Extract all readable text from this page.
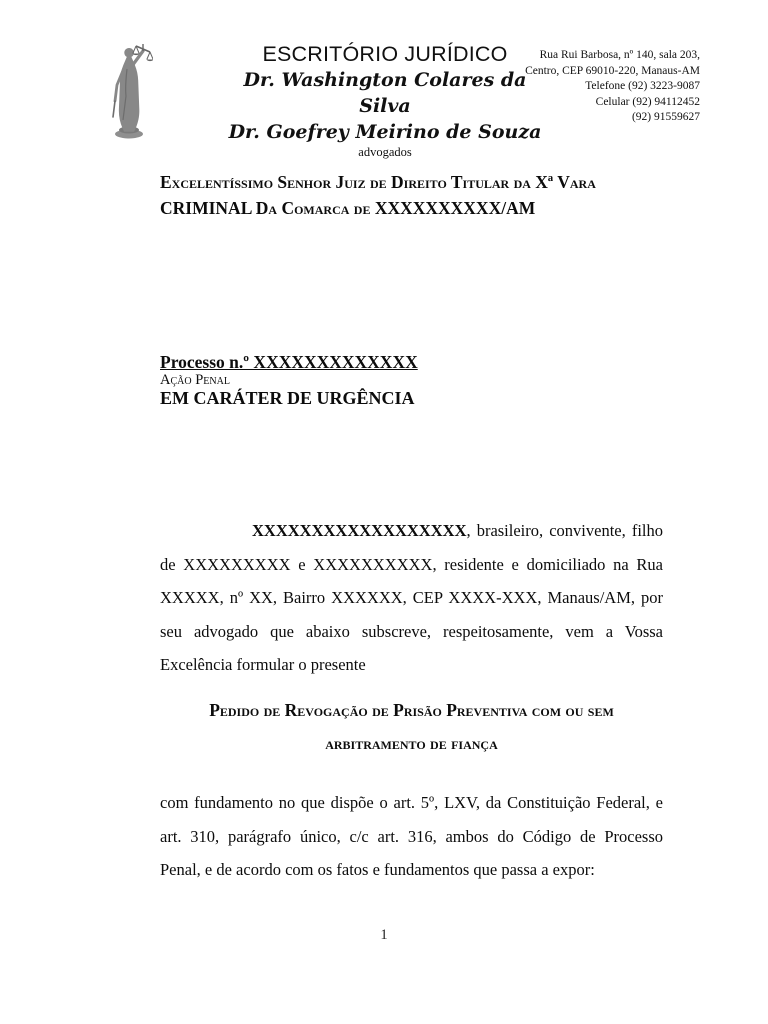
ESCRITÓRIO JURÍDICO
Dr. Washington Colares da Silva
Dr. Goefrey Meirino de Souza
advogados
Rua Rui Barbosa, nº 140, sala 203,
Centro, CEP 69010-220, Manaus-AM
Telefone (92) 3223-9087
Celular (92) 94112452
(92) 91559627
Excelentíssimo Senhor Juiz de Direito Titular da Xª Vara
CRIMINAL Da Comarca de XXXXXXXXXX/AM
Processo n.º XXXXXXXXXXXXX
Ação Penal
EM CARÁTER DE URGÊNCIA
XXXXXXXXXXXXXXXXXX, brasileiro, convivente, filho
de XXXXXXXXX e XXXXXXXXXX, residente e domiciliado na Rua
XXXXX, nº XX, Bairro XXXXXX, CEP XXXX-XXX, Manaus/AM, por
seu advogado que abaixo subscreve, respeitosamente, vem a Vossa
Excelência formular o presente
Pedido de Revogação de Prisão Preventiva com ou sem
arbitramento de fiança
com fundamento no que dispõe o art. 5º, LXV, da Constituição Federal, e
art. 310, parágrafo único, c/c art. 316, ambos do Código de Processo
Penal, e de acordo com os fatos e fundamentos que passa a expor:
1
